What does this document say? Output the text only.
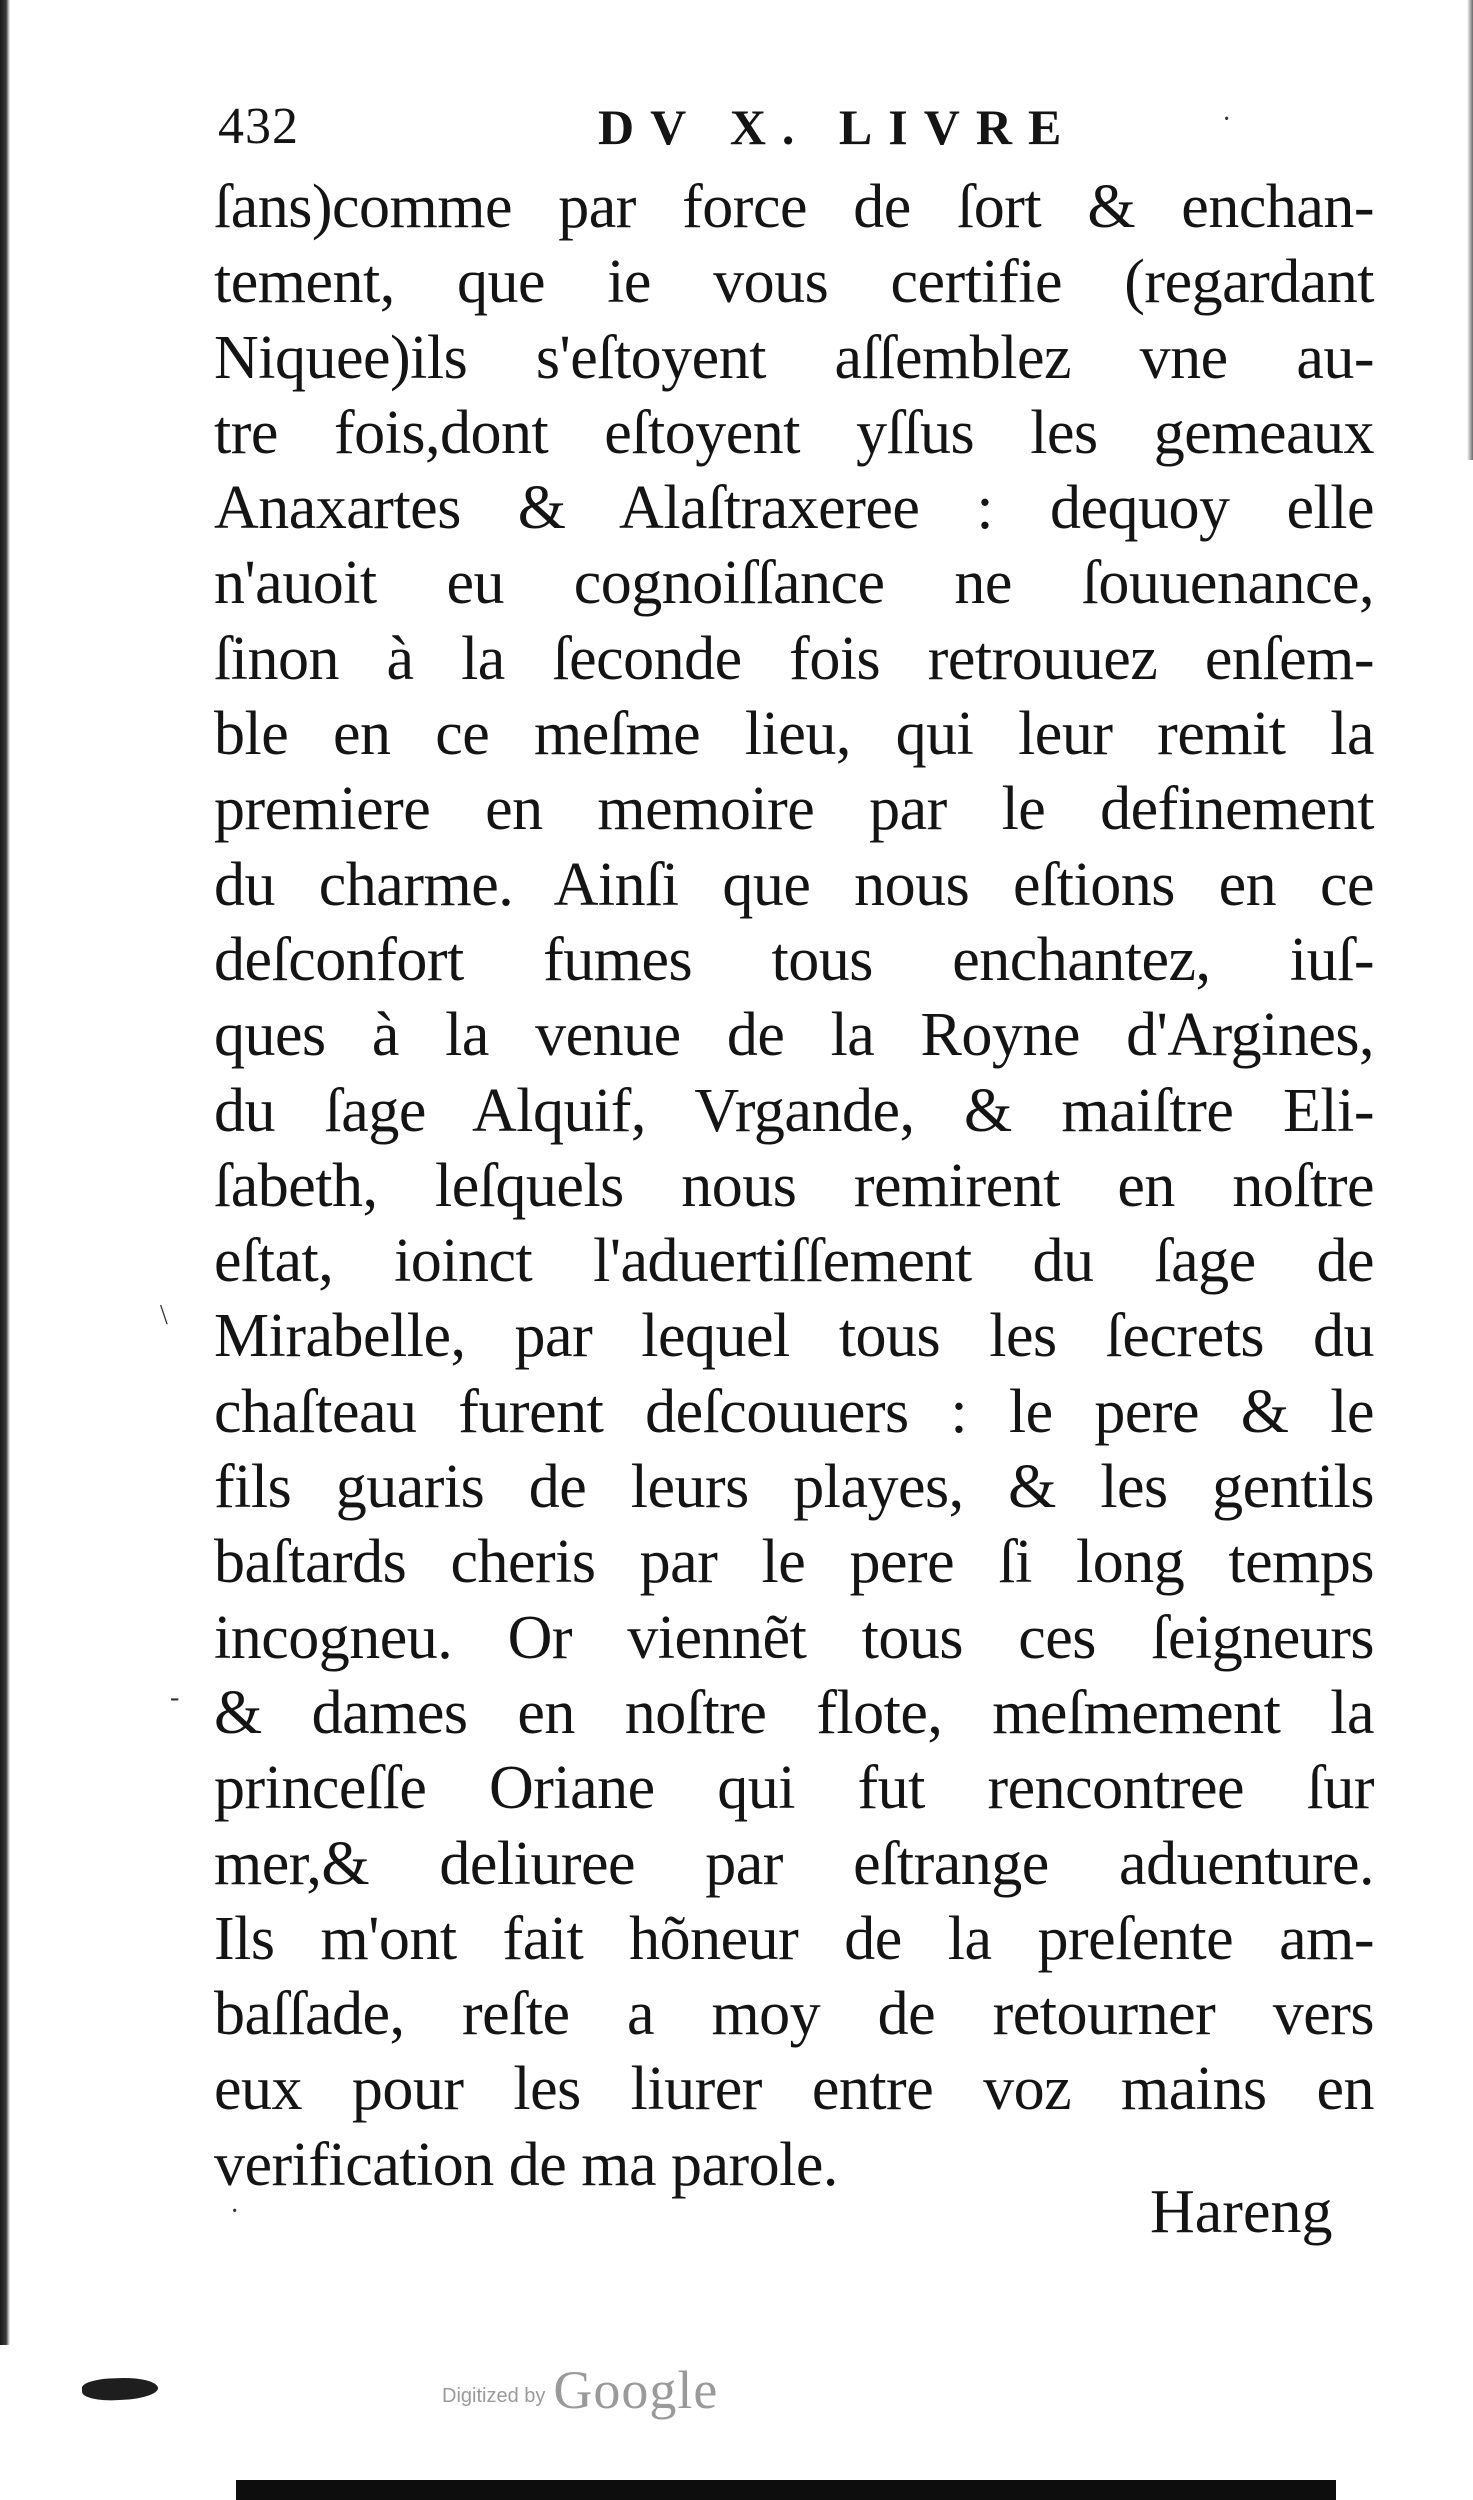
432	DV X. LIVRE
ſans)comme par force de ſort & enchan-
tement, que ie vous certifie (regardant
Niquee)ils s'eſtoyent aſſemblez vne au-
tre fois,dont eſtoyent yſſus les gemeaux
Anaxartes & Alaſtraxeree : dequoy elle
n'auoit eu cognoiſſance ne ſouuenance,
ſinon à la ſeconde fois retrouuez enſem-
ble en ce meſme lieu, qui leur remit la
premiere en memoire par le definement
du charme. Ainſi que nous eſtions en ce
deſconfort fumes tous enchantez, iuſ-
ques à la venue de la Royne d'Argines,
du ſage Alquif, Vrgande, & maiſtre Eli-
ſabeth, leſquels nous remirent en noſtre
eſtat, ioinct l'aduertiſſement du ſage de
Mirabelle, par lequel tous les ſecrets du
chaſteau furent deſcouuers : le pere & le
fils guaris de leurs playes, & les gentils
baſtards cheris par le pere ſi long temps
incogneu. Or viennẽt tous ces ſeigneurs
& dames en noſtre flote, meſmement la
princeſſe Oriane qui fut rencontree ſur
mer,& deliuree par eſtrange aduenture.
Ils m'ont fait hõneur de la preſente am-
baſſade, reſte a moy de retourner vers
eux pour les liurer entre voz mains en
verification de ma parole.
Hareng
·
\
-
·
Digitized by Google
